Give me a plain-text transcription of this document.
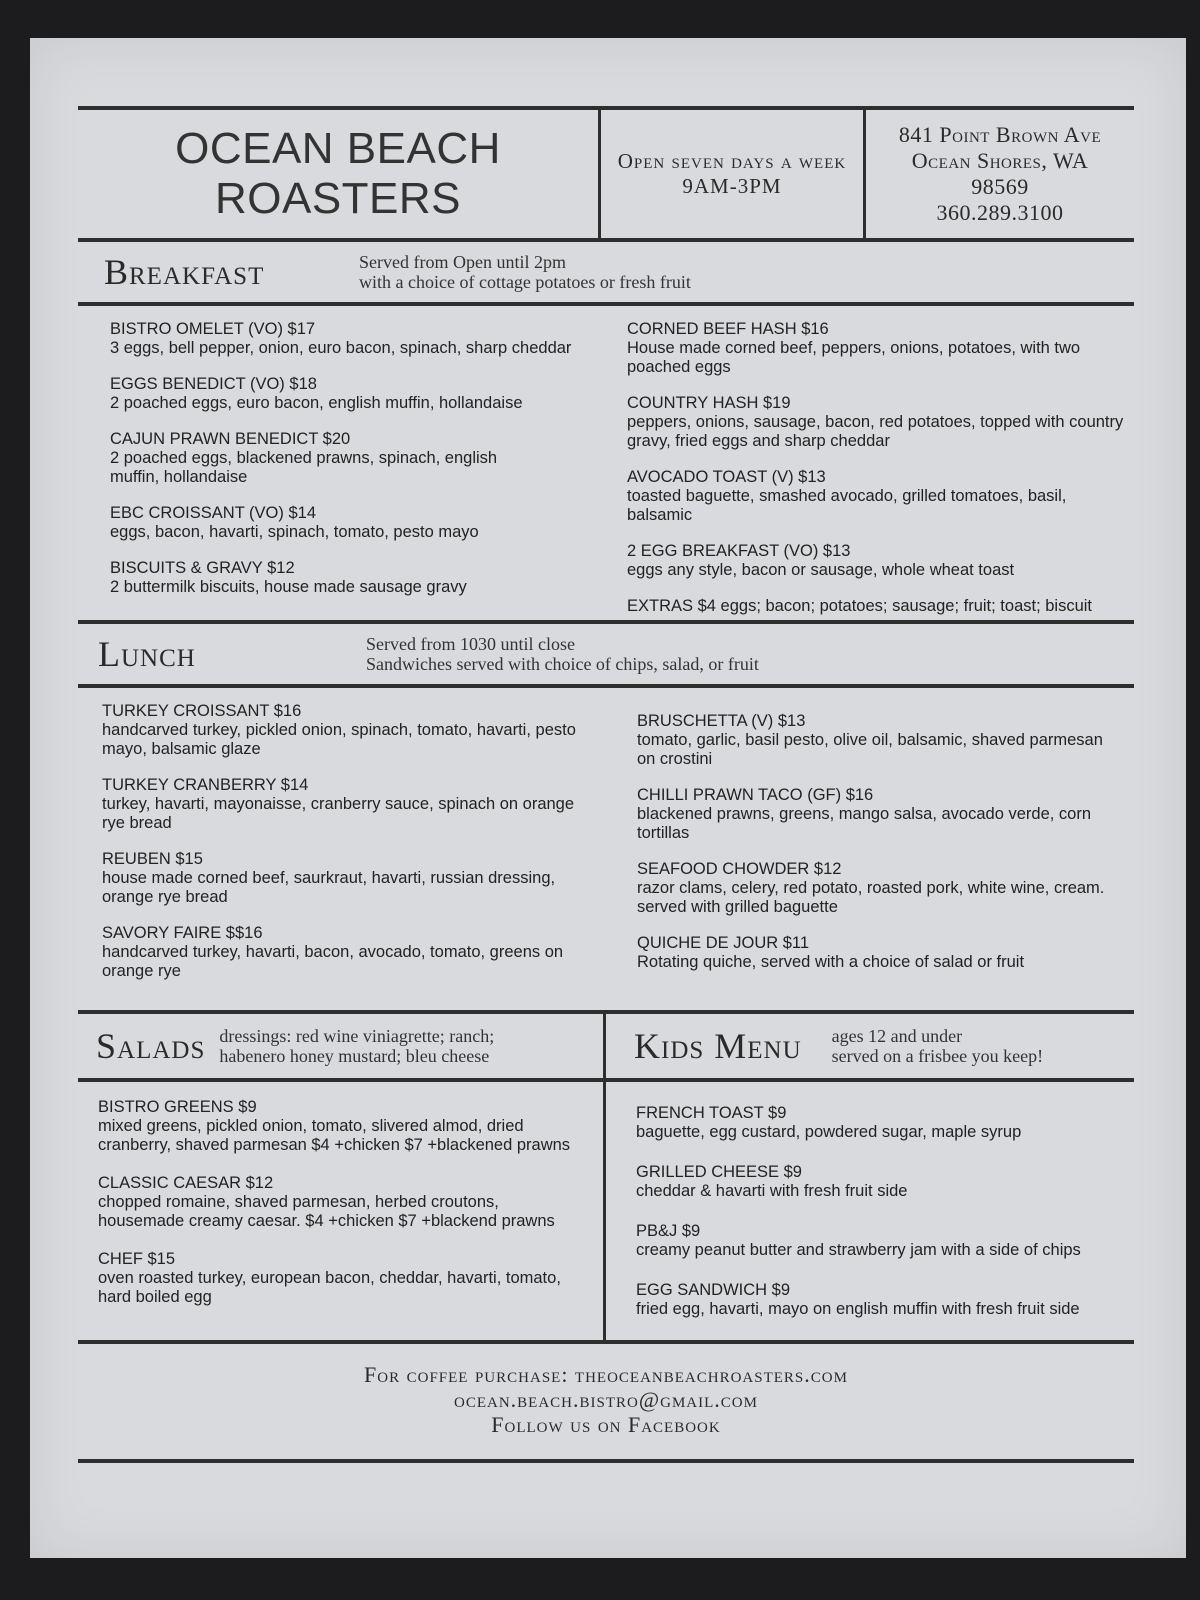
OCEAN BEACH ROASTERS
Open seven days a week
9AM-3PM
841 Point Brown Ave
Ocean Shores, WA
98569
360.289.3100
Breakfast	Served from Open until 2pm
with a choice of cottage potatoes or fresh fruit
BISTRO OMELET (VO) $17
3 eggs, bell pepper, onion, euro bacon, spinach, sharp cheddar
EGGS BENEDICT (VO) $18
2 poached eggs, euro bacon, english muffin, hollandaise
CAJUN PRAWN BENEDICT $20
2 poached eggs, blackened prawns, spinach, english muffin, hollandaise
EBC CROISSANT (VO) $14
eggs, bacon, havarti, spinach, tomato, pesto mayo
BISCUITS & GRAVY $12
2 buttermilk biscuits, house made sausage gravy
CORNED BEEF HASH $16
House made corned beef, peppers, onions, potatoes, with two poached eggs
COUNTRY HASH $19
peppers, onions, sausage, bacon, red potatoes, topped with country gravy, fried eggs and sharp cheddar
AVOCADO TOAST (V) $13
toasted baguette, smashed avocado, grilled tomatoes, basil, balsamic
2 EGG BREAKFAST (VO) $13
eggs any style, bacon or sausage, whole wheat toast
EXTRAS $4 eggs; bacon; potatoes; sausage; fruit; toast; biscuit
Lunch	Served from 1030 until close
Sandwiches served with choice of chips, salad, or fruit
TURKEY CROISSANT $16
handcarved turkey, pickled onion, spinach, tomato, havarti, pesto mayo, balsamic glaze
TURKEY CRANBERRY $14
turkey, havarti, mayonaisse, cranberry sauce, spinach on orange rye bread
REUBEN $15
house made corned beef, saurkraut, havarti, russian dressing, orange rye bread
SAVORY FAIRE $$16
handcarved turkey, havarti, bacon, avocado, tomato, greens on orange rye
BRUSCHETTA (V) $13
tomato, garlic, basil pesto, olive oil, balsamic, shaved parmesan on crostini
CHILLI PRAWN TACO (GF) $16
blackened prawns, greens, mango salsa, avocado verde, corn tortillas
SEAFOOD CHOWDER $12
razor clams, celery, red potato, roasted pork, white wine, cream. served with grilled baguette
QUICHE DE JOUR $11
Rotating quiche, served with a choice of salad or fruit
Salads dressings: red wine viniagrette; ranch;
habenero honey mustard; bleu cheese
BISTRO GREENS $9
mixed greens, pickled onion, tomato, slivered almod, dried cranberry, shaved parmesan $4 +chicken $7 +blackened prawns
CLASSIC CAESAR $12
chopped romaine, shaved parmesan, herbed croutons, housemade creamy caesar. $4 +chicken $7 +blackend prawns
CHEF $15
oven roasted turkey, european bacon, cheddar, havarti, tomato, hard boiled egg
Kids Menu	ages 12 and under
served on a frisbee you keep!
FRENCH TOAST $9
baguette, egg custard, powdered sugar, maple syrup
GRILLED CHEESE $9
cheddar & havarti with fresh fruit side
PB&J $9
creamy peanut butter and strawberry jam with a side of chips
EGG SANDWICH $9
fried egg, havarti, mayo on english muffin with fresh fruit side
For coffee purchase: theoceanbeachroasters.com
ocean.beach.bistro@gmail.com
Follow us on Facebook
